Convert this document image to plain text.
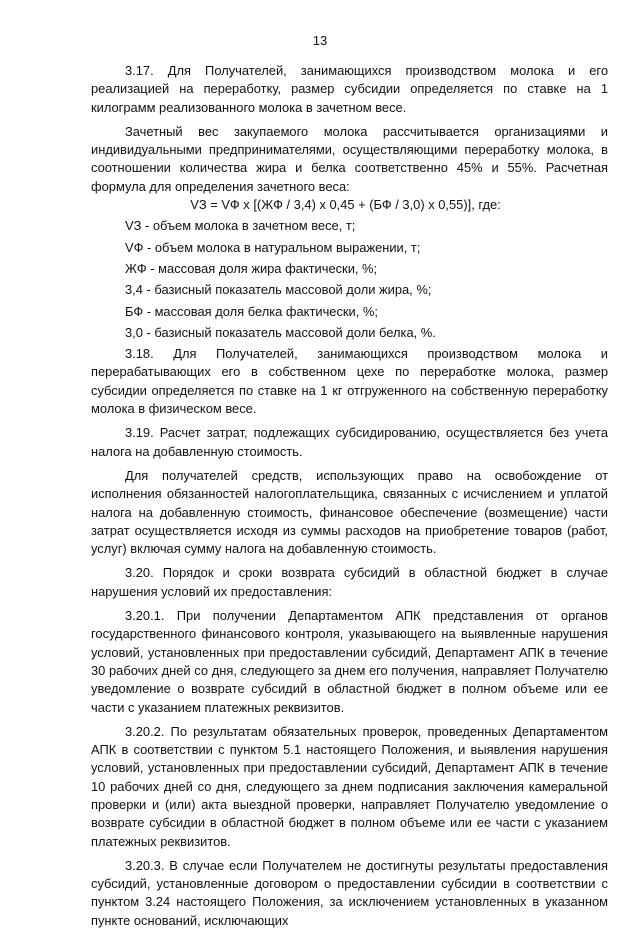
13

3.17. Для Получателей, занимающихся производством молока и его реализацией на переработку, размер субсидии определяется по ставке на 1 килограмм реализованного молока в зачетном весе.

Зачетный вес закупаемого молока рассчитывается организациями и индивидуальными предпринимателями, осуществляющими переработку молока, в соотношении количества жира и белка соответственно 45% и 55%. Расчетная формула для определения зачетного веса:

VЗ = VФ x [(ЖФ / 3,4) x 0,45 + (БФ / 3,0) x 0,55)], где:

VЗ - объем молока в зачетном весе, т;

VФ - объем молока в натуральном выражении, т;

ЖФ - массовая доля жира фактически, %;

3,4 - базисный показатель массовой доли жира, %;

БФ - массовая доля белка фактически, %;

3,0 - базисный показатель массовой доли белка, %.

3.18. Для Получателей, занимающихся производством молока и перерабатывающих его в собственном цехе по переработке молока, размер субсидии определяется по ставке на 1 кг отгруженного на собственную переработку молока в физическом весе.

3.19. Расчет затрат, подлежащих субсидированию, осуществляется без учета налога на добавленную стоимость.

Для получателей средств, использующих право на освобождение от исполнения обязанностей налогоплательщика, связанных с исчислением и уплатой налога на добавленную стоимость, финансовое обеспечение (возмещение) части затрат осуществляется исходя из суммы расходов на приобретение товаров (работ, услуг) включая сумму налога на добавленную стоимость.

3.20. Порядок и сроки возврата субсидий в областной бюджет в случае нарушения условий их предоставления:

3.20.1. При получении Департаментом АПК представления от органов государственного финансового контроля, указывающего на выявленные нарушения условий, установленных при предоставлении субсидий, Департамент АПК в течение 30 рабочих дней со дня, следующего за днем его получения, направляет Получателю уведомление о возврате субсидий в областной бюджет в полном объеме или ее части с указанием платежных реквизитов.

3.20.2. По результатам обязательных проверок, проведенных Департаментом АПК в соответствии с пунктом 5.1 настоящего Положения, и выявления нарушения условий, установленных при предоставлении субсидий, Департамент АПК в течение 10 рабочих дней со дня, следующего за днем подписания заключения камеральной проверки и (или) акта выездной проверки, направляет Получателю уведомление о возврате субсидии в областной бюджет в полном объеме или ее части с указанием платежных реквизитов.

3.20.3. В случае если Получателем не достигнуты результаты предоставления субсидий, установленные договором о предоставлении субсидии в соответствии с пунктом 3.24 настоящего Положения, за исключением установленных в указанном пункте оснований, исключающих
